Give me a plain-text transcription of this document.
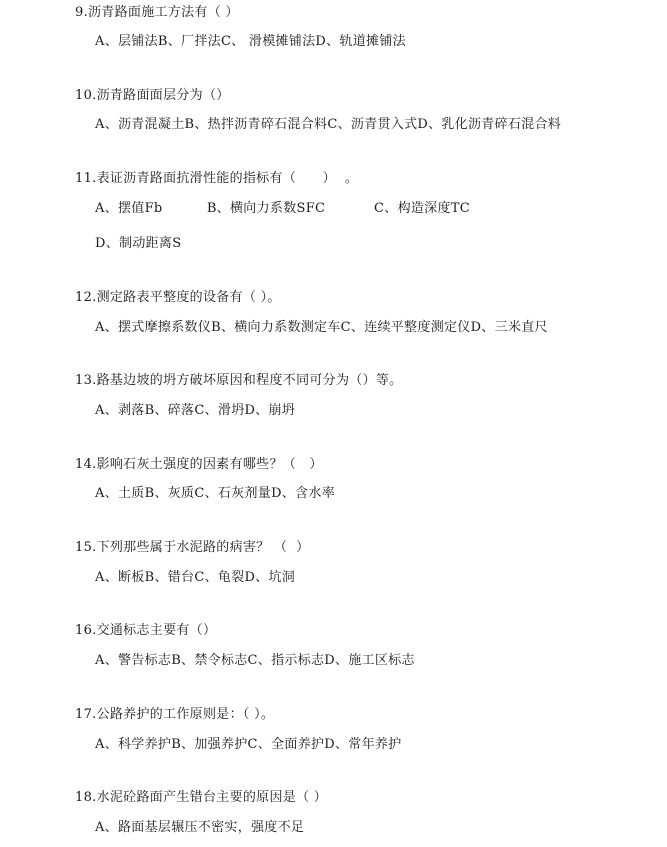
9.沥青路面施工方法有（ ）
A、层铺法B、厂拌法C、 滑模摊铺法D、轨道摊铺法
10.沥青路面面层分为（）
A、沥青混凝土B、热拌沥青碎石混合料C、沥青贯入式D、乳化沥青碎石混合料
11.表证沥青路面抗滑性能的指标有（      ）  。
A、摆值Fb          B、横向力系数SFC           C、构造深度TC
D、制动距离S
12.测定路表平整度的设备有（ ）。
A、摆式摩擦系数仪B、横向力系数测定车C、连续平整度测定仪D、三米直尺
13.路基边坡的坍方破坏原因和程度不同可分为（）等。
A、剥落B、碎落C、滑坍D、崩坍
14.影响石灰土强度的因素有哪些？（   ）
A、土质B、灰质C、石灰剂量D、含水率
15.下列那些属于水泥路的病害？ （  ）
A、断板B、错台C、龟裂D、坑洞
16.交通标志主要有（）
A、警告标志B、禁令标志C、指示标志D、施工区标志
17.公路养护的工作原则是：（ ）。
A、科学养护B、加强养护C、全面养护D、常年养护
18.水泥砼路面产生错台主要的原因是（ ）
A、路面基层辗压不密实，强度不足
